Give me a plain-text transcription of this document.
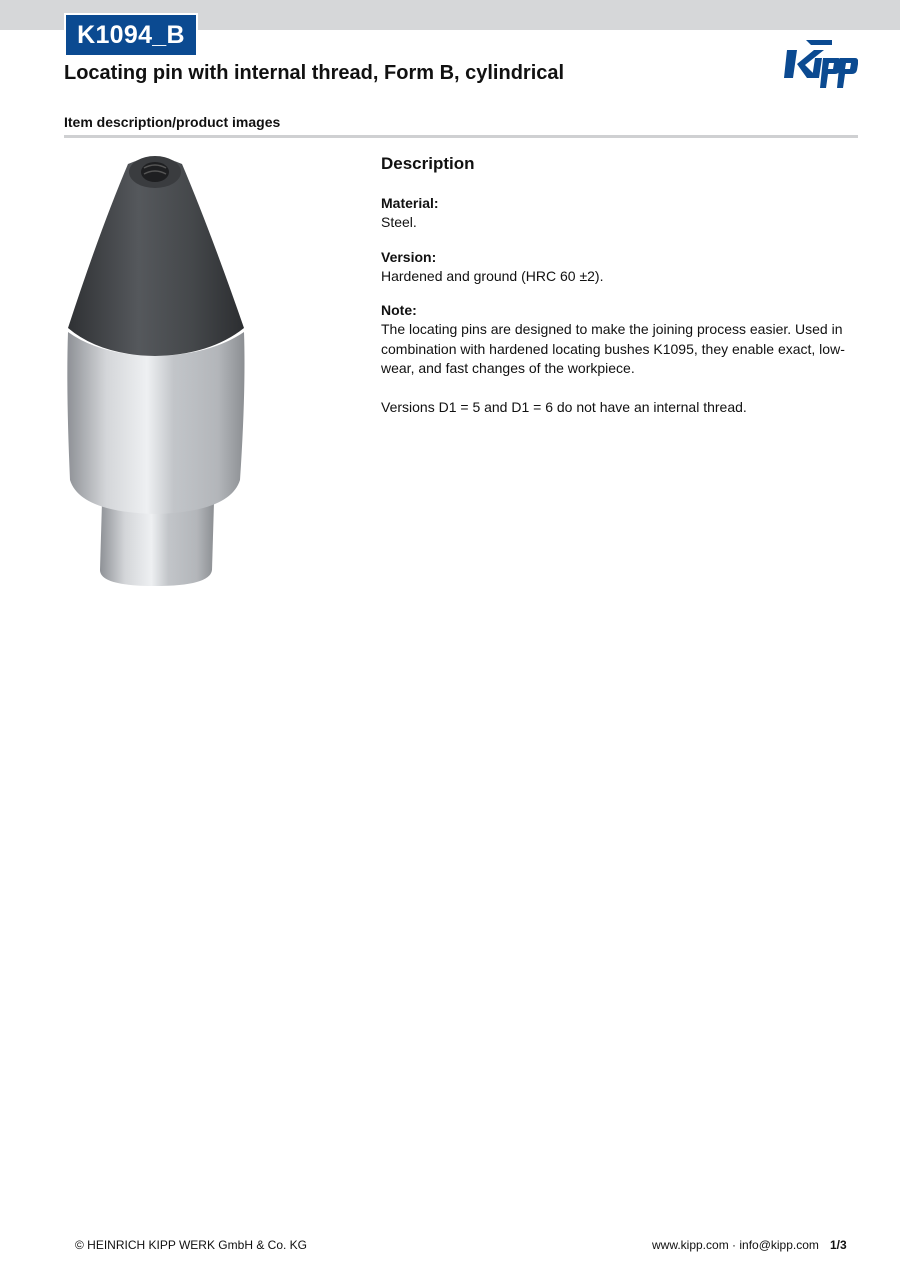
K1094_B
Locating pin with internal thread, Form B, cylindrical
Item description/product images
Description
Material:
Steel.
Version:
Hardened and ground (HRC 60 ±2).
Note:
The locating pins are designed to make the joining process easier. Used in combination with hardened locating bushes K1095, they enable exact, low-wear, and fast changes of the workpiece.
Versions D1 = 5 and D1 = 6 do not have an internal thread.
© HEINRICH KIPP WERK GmbH & Co. KG	www.kipp.com · info@kipp.com 1/3
